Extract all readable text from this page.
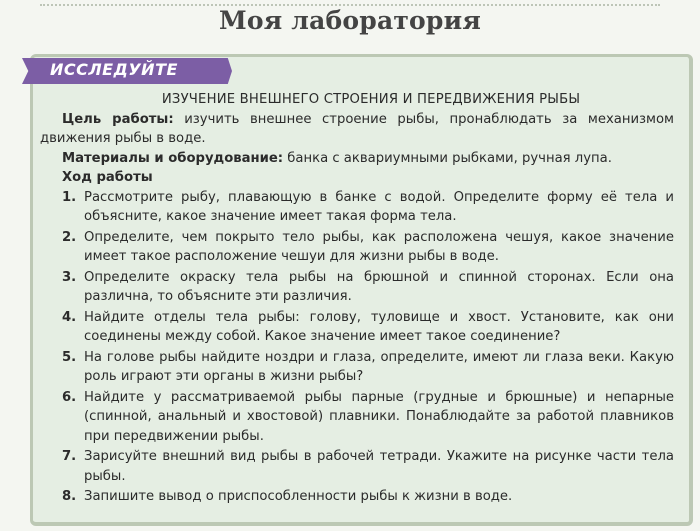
Моя лаборатория
ИССЛЕДУЙТЕ

ИЗУЧЕНИЕ ВНЕШНЕГО СТРОЕНИЯ И ПЕРЕДВИЖЕНИЯ РЫБЫ

Цель работы: изучить внешнее строение рыбы, пронаблюдать за механизмом движения рыбы в воде.

Материалы и оборудование: банка с аквариумными рыбками, ручная лупа.

Ход работы

1. Рассмотрите рыбу, плавающую в банке с водой. Определите форму её тела и объясните, какое значение имеет такая форма тела.
2. Определите, чем покрыто тело рыбы, как расположена чешуя, какое значение имеет такое расположение чешуи для жизни рыбы в воде.
3. Определите окраску тела рыбы на брюшной и спинной сторонах. Если она различна, то объясните эти различия.
4. Найдите отделы тела рыбы: голову, туловище и хвост. Установите, как они соединены между собой. Какое значение имеет такое соединение?
5. На голове рыбы найдите ноздри и глаза, определите, имеют ли глаза веки. Какую роль играют эти органы в жизни рыбы?
6. Найдите у рассматриваемой рыбы парные (грудные и брюшные) и непарные (спинной, анальный и хвостовой) плавники. Понаблюдайте за работой плавников при передвижении рыбы.
7. Зарисуйте внешний вид рыбы в рабочей тетради. Укажите на рисунке части тела рыбы.
8. Запишите вывод о приспособленности рыбы к жизни в воде.
